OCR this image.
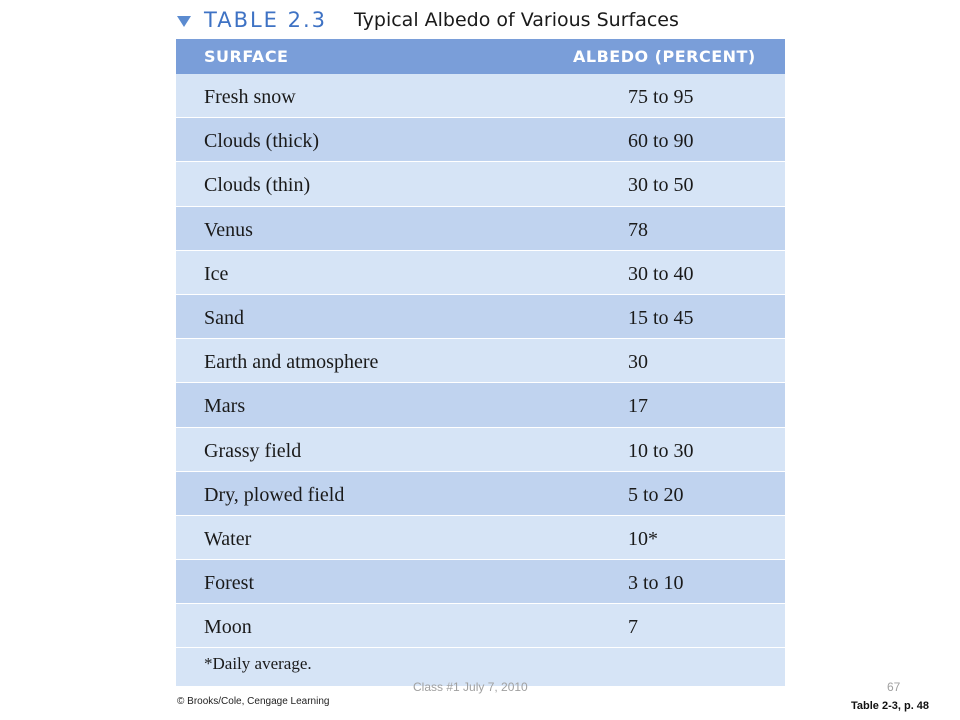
TABLE 2.3 Typical Albedo of Various Surfaces
SURFACE	ALBEDO (PERCENT)
Fresh snow	75 to 95
Clouds (thick)	60 to 90
Clouds (thin)	30 to 50
Venus	78
Ice	30 to 40
Sand	15 to 45
Earth and atmosphere	30
Mars	17
Grassy field	10 to 30
Dry, plowed field	5 to 20
Water	10*
Forest	3 to 10
Moon	7
*Daily average.
© Brooks/Cole, Cengage Learning
Class #1 July 7, 2010	67
Table 2-3, p. 48
